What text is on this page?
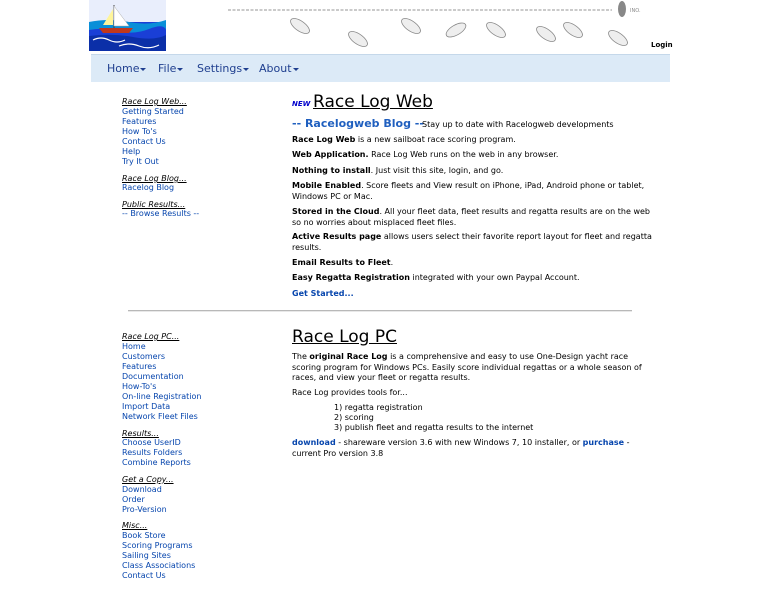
INO.
Login
Home	File	Settings	About
Race Log Web...
Getting Started
Features
How To's
Contact Us
Help
Try It Out
Race Log Blog...
Racelog Blog
Public Results...
-- Browse Results --
NEW Race Log Web
-- Racelogweb Blog --
Stay up to date with Racelogweb developments
Race Log Web is a new sailboat race scoring program.
Web Application. Race Log Web runs on the web in any browser.
Nothing to install. Just visit this site, login, and go.
Mobile Enabled. Score fleets and View result on iPhone, iPad, Android phone or tablet, Windows PC or Mac.
Stored in the Cloud. All your fleet data, fleet results and regatta results are on the web so no worries about misplaced fleet files.
Active Results page allows users select their favorite report layout for fleet and regatta results.
Email Results to Fleet.
Easy Regatta Registration integrated with your own Paypal Account.
Get Started...
Race Log PC...
Home
Customers
Features
Documentation
How-To's
On-line Registration
Import Data
Network Fleet Files
Results...
Choose UserID
Results Folders
Combine Reports
Get a Copy...
Download
Order
Pro-Version
Misc...
Book Store
Scoring Programs
Sailing Sites
Class Associations
Contact Us
Race Log PC
The original Race Log is a comprehensive and easy to use One-Design yacht race scoring program for Windows PCs. Easily score individual regattas or a whole season of races, and view your fleet or regatta results.
Race Log provides tools for...
1) regatta registration
2) scoring
3) publish fleet and regatta results to the internet
download - shareware version 3.6 with new Windows 7, 10 installer, or purchase - current Pro version 3.8
